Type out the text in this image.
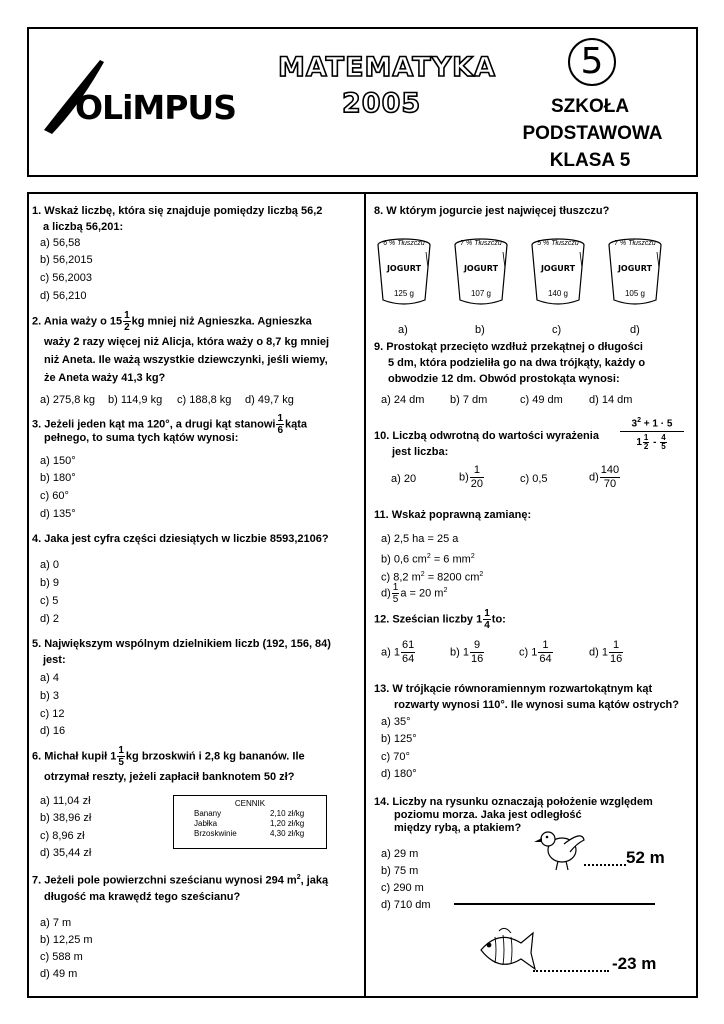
OLiMPUS
MATEMATYKA
2005
5
SZKOŁA
PODSTAWOWA
KLASA 5
1. Wskaż liczbę, która się znajduje pomiędzy liczbą 56,2
a liczbą 56,201:
a) 56,58
b) 56,2015
c) 56,2003
d) 56,210
2. Ania waży o $15 \frac{1}{2}$ kg mniej niż Agnieszka. Agnieszka
waży 2 razy więcej niż Alicja, która waży o 8,7 kg mniej
niż Aneta. Ile ważą wszystkie dziewczynki, jeśli wiemy,
że Aneta waży 41,3 kg?
a) 275,8 kg b) 114,9 kg c) 188,8 kg d) 49,7 kg
3. Jeżeli jeden kąt ma 120°, a drugi kąt stanowi $\frac{1}{6}$ kąta
pełnego, to suma tych kątów wynosi:
a) 150°
b) 180°
c) 60°
d) 135°
4. Jaka jest cyfra części dziesiątych w liczbie 8593,2106?
a) 0
b) 9
c) 5
d) 2
5. Największym wspólnym dzielnikiem liczb (192, 156, 84)
jest:
a) 4
b) 3
c) 12
d) 16
6. Michał kupił $1 \frac{1}{5}$ kg brzoskwiń i 2,8 kg bananów. Ile
otrzymał reszty, jeżeli zapłacił banknotem 50 zł?
a) 11,04 zł
b) 38,96 zł
c) 8,96 zł
d) 35,44 zł
CENNIK
Banany	2,10 zł/kg
Jabłka	1,20 zł/kg
Brzoskwinie	4,30 zł/kg
7. Jeżeli pole powierzchni sześcianu wynosi 294 $m^2$, jaką
długość ma krawędź tego sześcianu?
a) 7 m
b) 12,25 m
c) 588 m
d) 49 m
8. W którym jogurcie jest najwięcej tłuszczu?
6 % Tłuszczu
JOGURT
125 g
7 % Tłuszczu
JOGURT
107 g
5 % Tłuszczu
JOGURT
140 g
7 % Tłuszczu
JOGURT
105 g
a)	b)	c)	d)
9. Prostokąt przecięto wzdłuż przekątnej o długości
5 dm, która podzieliła go na dwa trójkąty, każdy o
obwodzie 12 dm. Obwód prostokąta wynosi:
a) 24 dm b) 7 dm	c) 49 dm d) 14 dm
10. Liczbą odwrotną do wartości wyrażenia
jest liczba:
$\frac{3^2 + 1 \cdot 5}{1 \frac{1}{2} - \frac{4}{5}}$
a) 20	$b) \frac{1}{20}$	c) 0,5	$d) \frac{140}{70}$
11. Wskaż poprawną zamianę:
a) 2,5 ha = 25 a
b) 0,6 $cm^2 = 6$ $mm^2$
c) 8,2 $m^2 = 8200$ $cm^2$
$d) \frac{1}{5}$ a = 20 $m^2$
12. Sześcian liczby $1 \frac{1}{4}$ to:
a) $1 \frac{61}{64}$	b) $1 \frac{9}{16}$	c) $1 \frac{1}{64}$	d) $1 \frac{1}{16}$
13. W trójkącie równoramiennym rozwartokątnym kąt
rozwarty wynosi 110°. Ile wynosi suma kątów ostrych?
a) 35°
b) 125°
c) 70°
d) 180°
14. Liczby na rysunku oznaczają położenie względem
poziomu morza. Jaka jest odległość
między rybą, a ptakiem?
a) 29 m
b) 75 m
c) 290 m
d) 710 dm
52 m
-23 m
